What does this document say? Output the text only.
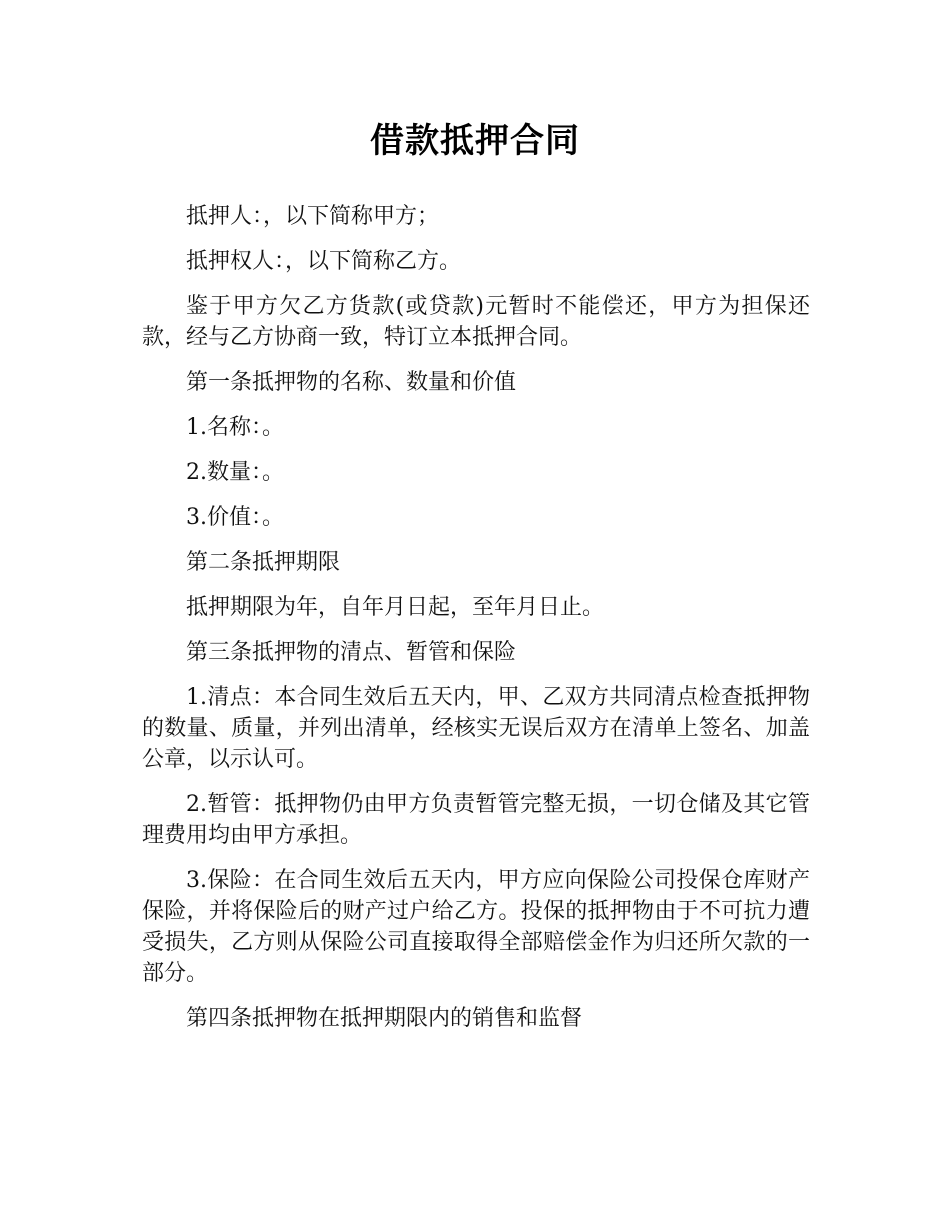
借款抵押合同

抵押人：，以下简称甲方；

抵押权人：，以下简称乙方。

鉴于甲方欠乙方货款(或贷款)元暂时不能偿还，甲方为担保还款，经与乙方协商一致，特订立本抵押合同。

第一条抵押物的名称、数量和价值

1.名称：。

2.数量：。

3.价值：。

第二条抵押期限

抵押期限为年，自年月日起，至年月日止。

第三条抵押物的清点、暂管和保险

1.清点：本合同生效后五天内，甲、乙双方共同清点检查抵押物的数量、质量，并列出清单，经核实无误后双方在清单上签名、加盖公章，以示认可。

2.暂管：抵押物仍由甲方负责暂管完整无损，一切仓储及其它管理费用均由甲方承担。

3.保险：在合同生效后五天内，甲方应向保险公司投保仓库财产保险，并将保险后的财产过户给乙方。投保的抵押物由于不可抗力遭受损失，乙方则从保险公司直接取得全部赔偿金作为归还所欠款的一部分。

第四条抵押物在抵押期限内的销售和监督
